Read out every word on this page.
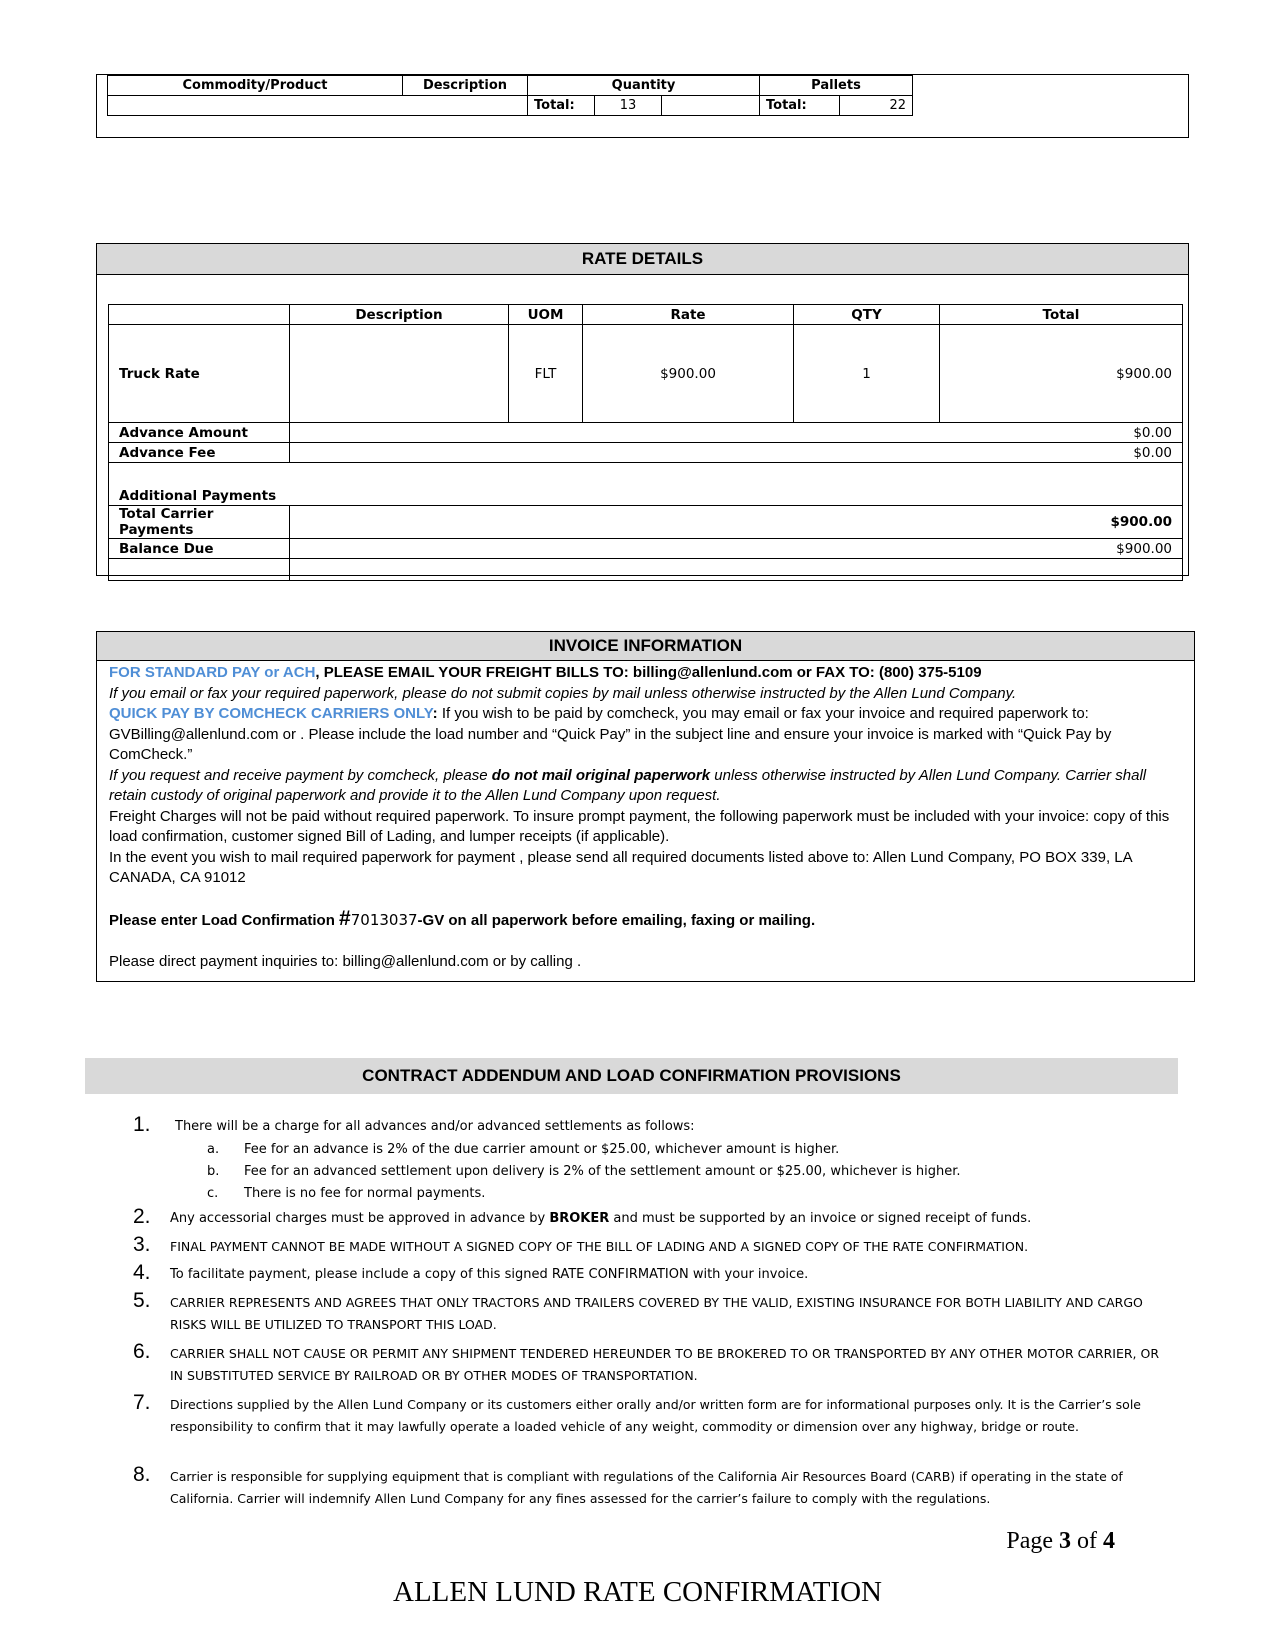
Commodity/Product	Description	Quantity			Pallets	
		Total:	13		Total:	22
RATE DETAILS
	Description	UOM	Rate	QTY	Total
Truck Rate		FLT	$900.00	1	$900.00
Advance Amount	$0.00				
Advance Fee	$0.00				
Additional Payments					
Total Carrier Payments	$900.00				
Balance Due	$900.00				

INVOICE INFORMATION
FOR STANDARD PAY or ACH, PLEASE EMAIL YOUR FREIGHT BILLS TO: billing@allenlund.com or FAX TO: (800) 375-5109
If you email or fax your required paperwork, please do not submit copies by mail unless otherwise instructed by the Allen Lund Company.
QUICK PAY BY COMCHECK CARRIERS ONLY: If you wish to be paid by comcheck, you may email or fax your invoice and required paperwork to: GVBilling@allenlund.com or . Please include the load number and “Quick Pay” in the subject line and ensure your invoice is marked with “Quick Pay by ComCheck.”
If you request and receive payment by comcheck, please do not mail original paperwork unless otherwise instructed by Allen Lund Company. Carrier shall retain custody of original paperwork and provide it to the Allen Lund Company upon request.
Freight Charges will not be paid without required paperwork. To insure prompt payment, the following paperwork must be included with your invoice: copy of this load confirmation, customer signed Bill of Lading, and lumper receipts (if applicable).
In the event you wish to mail required paperwork for payment , please send all required documents listed above to: Allen Lund Company, PO BOX 339, LA CANADA, CA 91012
Please enter Load Confirmation #7013037-GV on all paperwork before emailing, faxing or mailing.
Please direct payment inquiries to: billing@allenlund.com or by calling .
CONTRACT ADDENDUM AND LOAD CONFIRMATION PROVISIONS
1. There will be a charge for all advances and/or advanced settlements as follows:
a. Fee for an advance is 2% of the due carrier amount or $25.00, whichever amount is higher.
b. Fee for an advanced settlement upon delivery is 2% of the settlement amount or $25.00, whichever is higher.
c. There is no fee for normal payments.
2. Any accessorial charges must be approved in advance by BROKER and must be supported by an invoice or signed receipt of funds.
3. FINAL PAYMENT CANNOT BE MADE WITHOUT A SIGNED COPY OF THE BILL OF LADING AND A SIGNED COPY OF THE RATE CONFIRMATION.
4. To facilitate payment, please include a copy of this signed RATE CONFIRMATION with your invoice.
5. CARRIER REPRESENTS AND AGREES THAT ONLY TRACTORS AND TRAILERS COVERED BY THE VALID, EXISTING INSURANCE FOR BOTH LIABILITY AND CARGO RISKS WILL BE UTILIZED TO TRANSPORT THIS LOAD.
6. CARRIER SHALL NOT CAUSE OR PERMIT ANY SHIPMENT TENDERED HEREUNDER TO BE BROKERED TO OR TRANSPORTED BY ANY OTHER MOTOR CARRIER, OR IN SUBSTITUTED SERVICE BY RAILROAD OR BY OTHER MODES OF TRANSPORTATION.
7. Directions supplied by the Allen Lund Company or its customers either orally and/or written form are for informational purposes only. It is the Carrier’s sole responsibility to confirm that it may lawfully operate a loaded vehicle of any weight, commodity or dimension over any highway, bridge or route.
8. Carrier is responsible for supplying equipment that is compliant with regulations of the California Air Resources Board (CARB) if operating in the state of California. Carrier will indemnify Allen Lund Company for any fines assessed for the carrier’s failure to comply with the regulations.
Page 3 of 4
ALLEN LUND RATE CONFIRMATION
